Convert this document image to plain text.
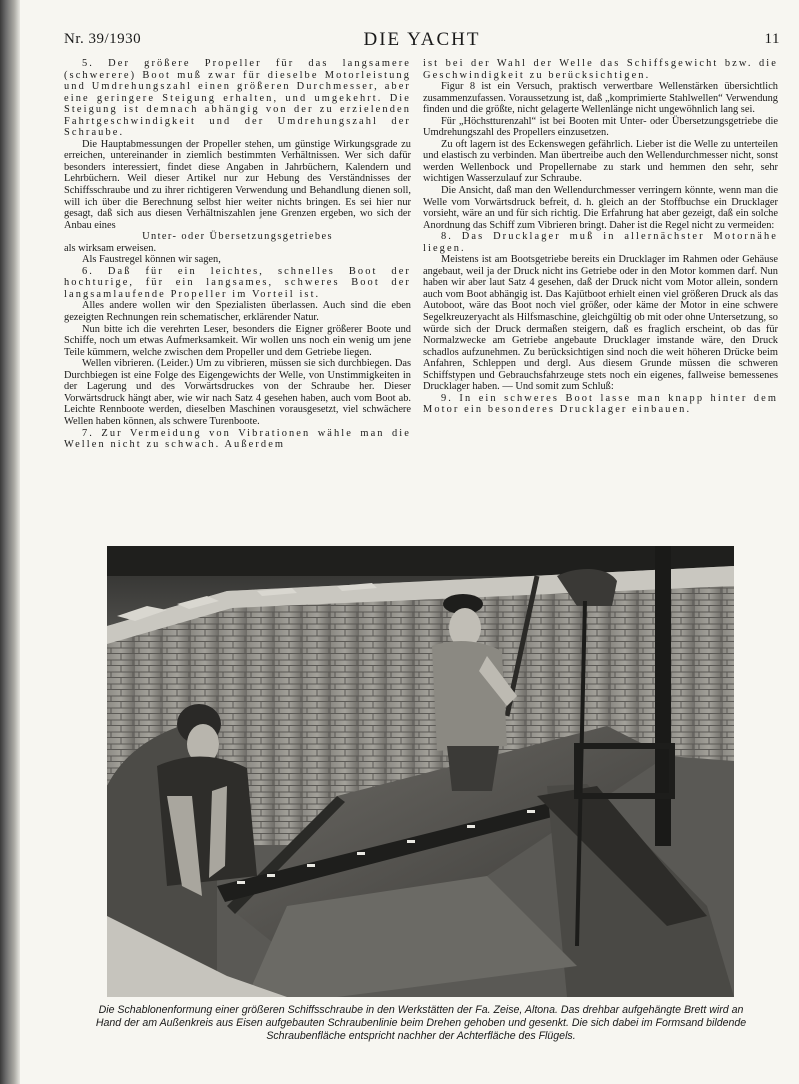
Nr. 39/1930	DIE YACHT	11

5. Der größere Propeller für das langsamere (schwerere) Boot muß zwar für dieselbe Motorleistung und Umdrehungszahl einen größeren Durchmesser, aber eine geringere Steigung erhalten, und umgekehrt. Die Steigung ist demnach abhängig von der zu erzielenden Fahrtgeschwindigkeit und der Umdrehungszahl der Schraube.

Die Hauptabmessungen der Propeller stehen, um günstige Wirkungsgrade zu erreichen, untereinander in ziemlich bestimmten Verhältnissen. Wer sich dafür besonders interessiert, findet diese Angaben in Jahrbüchern, Kalendern und Lehrbüchern. Weil dieser Artikel nur zur Hebung des Verständnisses der Schiffsschraube und zu ihrer richtigeren Verwendung und Behandlung dienen soll, will ich über die Berechnung selbst hier weiter nichts bringen. Es sei hier nur gesagt, daß sich aus diesen Verhältniszahlen jene Grenzen ergeben, wo sich der Anbau eines

Unter- oder Übersetzungsgetriebes

als wirksam erweisen.

Als Faustregel können wir sagen,

6. Daß für ein leichtes, schnelles Boot der hochturige, für ein langsames, schweres Boot der langsamlaufende Propeller im Vorteil ist.

Alles andere wollen wir den Spezialisten überlassen. Auch sind die eben gezeigten Rechnungen rein schematischer, erklärender Natur.

Nun bitte ich die verehrten Leser, besonders die Eigner größerer Boote und Schiffe, noch um etwas Aufmerksamkeit. Wir wollen uns noch ein wenig um jene Teile kümmern, welche zwischen dem Propeller und dem Getriebe liegen.

Wellen vibrieren. (Leider.) Um zu vibrieren, müssen sie sich durchbiegen. Das Durchbiegen ist eine Folge des Eigengewichts der Welle, von Unstimmigkeiten in der Lagerung und des Vorwärtsdruckes von der Schraube her. Dieser Vorwärtsdruck hängt aber, wie wir nach Satz 4 gesehen haben, auch vom Boot ab. Leichte Rennboote werden, dieselben Maschinen vorausgesetzt, viel schwächere Wellen haben können, als schwere Turenboote.

7. Zur Vermeidung von Vibrationen wähle man die Wellen nicht zu schwach. Außerdem

ist bei der Wahl der Welle das Schiffsgewicht bzw. die Geschwindigkeit zu berücksichtigen.

Figur 8 ist ein Versuch, praktisch verwertbare Wellenstärken übersichtlich zusammenzufassen. Voraussetzung ist, daß „komprimierte Stahlwellen“ Verwendung finden und die größte, nicht gelagerte Wellenlänge nicht ungewöhnlich lang sei.

Für „Höchstturenzahl“ ist bei Booten mit Unter- oder Übersetzungsgetriebe die Umdrehungszahl des Propellers einzusetzen.

Zu oft lagern ist des Eckenswegen gefährlich. Lieber ist die Welle zu unterteilen und elastisch zu verbinden. Man übertreibe auch den Wellendurchmesser nicht, sonst werden Wellenbock und Propellernabe zu stark und hemmen den sehr, sehr wichtigen Wasserzulauf zur Schraube.

Die Ansicht, daß man den Wellendurchmesser verringern könnte, wenn man die Welle vom Vorwärtsdruck befreit, d. h. gleich an der Stoffbuchse ein Drucklager vorsieht, wäre an und für sich richtig. Die Erfahrung hat aber gezeigt, daß ein solche Anordnung das Schiff zum Vibrieren bringt. Daher ist die Regel nicht zu vermeiden:

8. Das Drucklager muß in allernächster Motornähe liegen.

Meistens ist am Bootsgetriebe bereits ein Drucklager im Rahmen oder Gehäuse angebaut, weil ja der Druck nicht ins Getriebe oder in den Motor kommen darf. Nun haben wir aber laut Satz 4 gesehen, daß der Druck nicht vom Motor allein, sondern auch vom Boot abhängig ist. Das Kajütboot erhielt einen viel größeren Druck als das Autoboot, wäre das Boot noch viel größer, oder käme der Motor in eine schwere Segelkreuzeryacht als Hilfsmaschine, gleichgültig ob mit oder ohne Untersetzung, so würde sich der Druck dermaßen steigern, daß es fraglich erscheint, ob das für Normalzwecke am Getriebe angebaute Drucklager imstande wäre, den Druck schadlos aufzunehmen. Zu berücksichtigen sind noch die weit höheren Drücke beim Anfahren, Schleppen und dergl. Aus diesem Grunde müssen die schweren Schiffstypen und Gebrauchsfahrzeuge stets noch ein eigenes, fallweise bemessenes Drucklager haben. — Und somit zum Schluß:

9. In ein schweres Boot lasse man knapp hinter dem Motor ein besonderes Drucklager einbauen.

Die Schablonenformung einer größeren Schiffsschraube in den Werkstätten der Fa. Zeise, Altona. Das drehbar aufgehängte Brett wird an Hand der am Außenkreis aus Eisen aufgebauten Schraubenlinie beim Drehen gehoben und gesenkt. Die sich dabei im Formsand bildende Schraubenfläche entspricht nachher der Achterfläche des Flügels.
